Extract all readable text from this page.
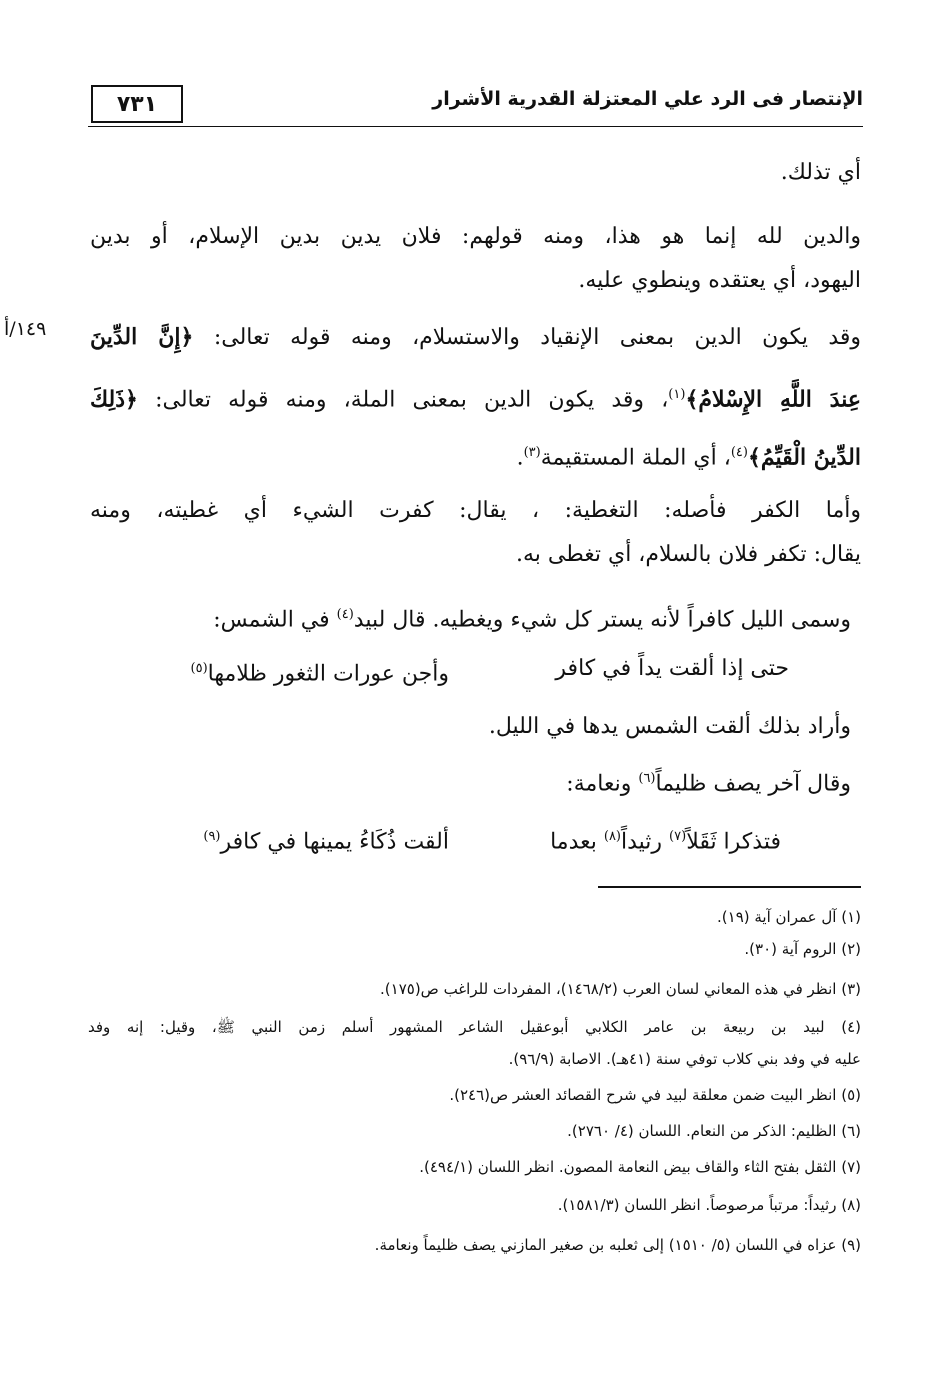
٧٣١	الإنتصار فى الرد علي المعتزلة القدرية الأشرار
١٤٩/أ
أي تذلك.
والدين لله إنما هو هذا، ومنه قولهم: فلان يدين بدين الإسلام، أو بدين
اليهود، أي يعتقده وينطوي عليه.
وقد يكون الدين بمعنى الإنقياد والاستسلام، ومنه قوله تعالى: ﴿إِنَّ الدِّينَ
عِندَ اللَّهِ الإِسْلامُ﴾$^{(١)}$، وقد يكون الدين بمعنى الملة، ومنه قوله تعالى: ﴿ذَلِكَ
الدِّينُ الْقَيِّمُ﴾$^{(٤)}$، أي الملة المستقيمة$^{(٣)}$.
وأما الكفر فأصله: التغطية: ، يقال: كفرت الشيء أي غطيته، ومنه
يقال: تكفر فلان بالسلام، أي تغطى به.
وسمى الليل كافراً لأنه يستر كل شيء ويغطيه. قال لبيد$^{(٤)}$ في الشمس:
حتى إذا ألقت يداً في كافر
وأجن عورات الثغور ظلامها$^{(٥)}$
وأراد بذلك ألقت الشمس يدها في الليل.
وقال آخر يصف ظليماً$^{(٦)}$ ونعامة:
فتذكرا ثَقَلاً$^{(٧)}$ رثيداً$^{(٨)}$ بعدما
ألقت ذُكَاءُ يمينها في كافر$^{(٩)}$
(١) آل عمران آية (١٩).
(٢) الروم آية (٣٠).
(٣) انظر في هذه المعاني لسان العرب (١٤٦٨/٢)، المفردات للراغب ص(١٧٥).
(٤) لبيد بن ربيعة بن عامر الكلابي أبوعقيل الشاعر المشهور أسلم زمن النبي ﷺ، وقيل: إنه وفد
عليه في وفد بني كلاب توفي سنة (٤١هـ). الاصابة (٩٦/٩).
(٥) انظر البيت ضمن معلقة لبيد في شرح القصائد العشر ص(٢٤٦).
(٦) الظليم: الذكر من النعام. اللسان (٤/ ٢٧٦٠).
(٧) الثقل بفتح الثاء والقاف بيض النعامة المصون. انظر اللسان (٤٩٤/١).
(٨) رثيداً: مرتباً مرصوصاً. انظر اللسان (١٥٨١/٣).
(٩) عزاه في اللسان (٥/ ١٥١٠) إلى ثعلبه بن صغير المازني يصف ظليماً ونعامة.
